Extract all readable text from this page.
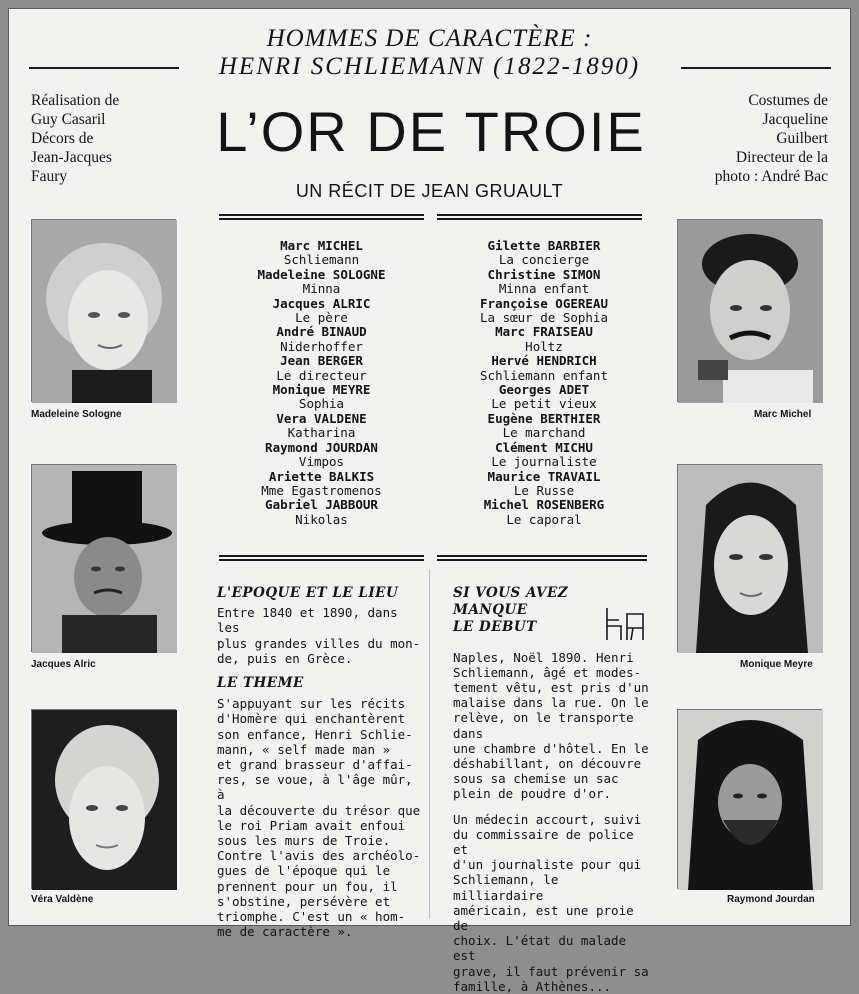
HOMMES DE CARACTÈRE :
HENRI SCHLIEMANN (1822-1890)
Réalisation de
Guy Casaril
Décors de
Jean-Jacques
Faury
Costumes de
Jacqueline
Guilbert
Directeur de la
photo : André Bac
L’OR DE TROIE
UN RÉCIT DE JEAN GRUAULT
Madeleine Sologne
Jacques Alric
Véra Valdène
Marc Michel
Monique Meyre
Raymond Jourdan
Marc MICHEL
Schliemann
Madeleine SOLOGNE
Minna
Jacques ALRIC
Le père
André BINAUD
Niderhoffer
Jean BERGER
Le directeur
Monique MEYRE
Sophia
Vera VALDENE
Katharina
Raymond JOURDAN
Vimpos
Ariette BALKIS
Mme Egastromenos
Gabriel JABBOUR
Nikolas
Gilette BARBIER
La concierge
Christine SIMON
Minna enfant
Françoise OGEREAU
La sœur de Sophia
Marc FRAISEAU
Holtz
Hervé HENDRICH
Schliemann enfant
Georges ADET
Le petit vieux
Eugène BERTHIER
Le marchand
Clément MICHU
Le journaliste
Maurice TRAVAIL
Le Russe
Michel ROSENBERG
Le caporal
L'EPOQUE ET LE LIEU

Entre 1840 et 1890, dans les

plus grandes villes du mon-

de, puis en Grèce.

LE THEME

S'appuyant sur les récits

d'Homère qui enchantèrent

son enfance, Henri Schlie-

mann, « self made man »

et grand brasseur d'affai-

res, se voue, à l'âge mûr, à

la découverte du trésor que

le roi Priam avait enfoui

sous les murs de Troie.

Contre l'avis des archéolo-

gues de l'époque qui le

prennent pour un fou, il

s'obstine, persévère et

triomphe. C'est un « hom-

me de caractère ».

SI VOUS AVEZ
MANQUE
LE DEBUT

Naples, Noël 1890. Henri

Schliemann, âgé et modes-

tement vêtu, est pris d'un

malaise dans la rue. On le

relève, on le transporte dans

une chambre d'hôtel. En le

déshabillant, on découvre

sous sa chemise un sac

plein de poudre d'or.

Un médecin accourt, suivi

du commissaire de police et

d'un journaliste pour qui

Schliemann, le milliardaire

américain, est une proie de

choix. L'état du malade est

grave, il faut prévenir sa

famille, à Athènes...
